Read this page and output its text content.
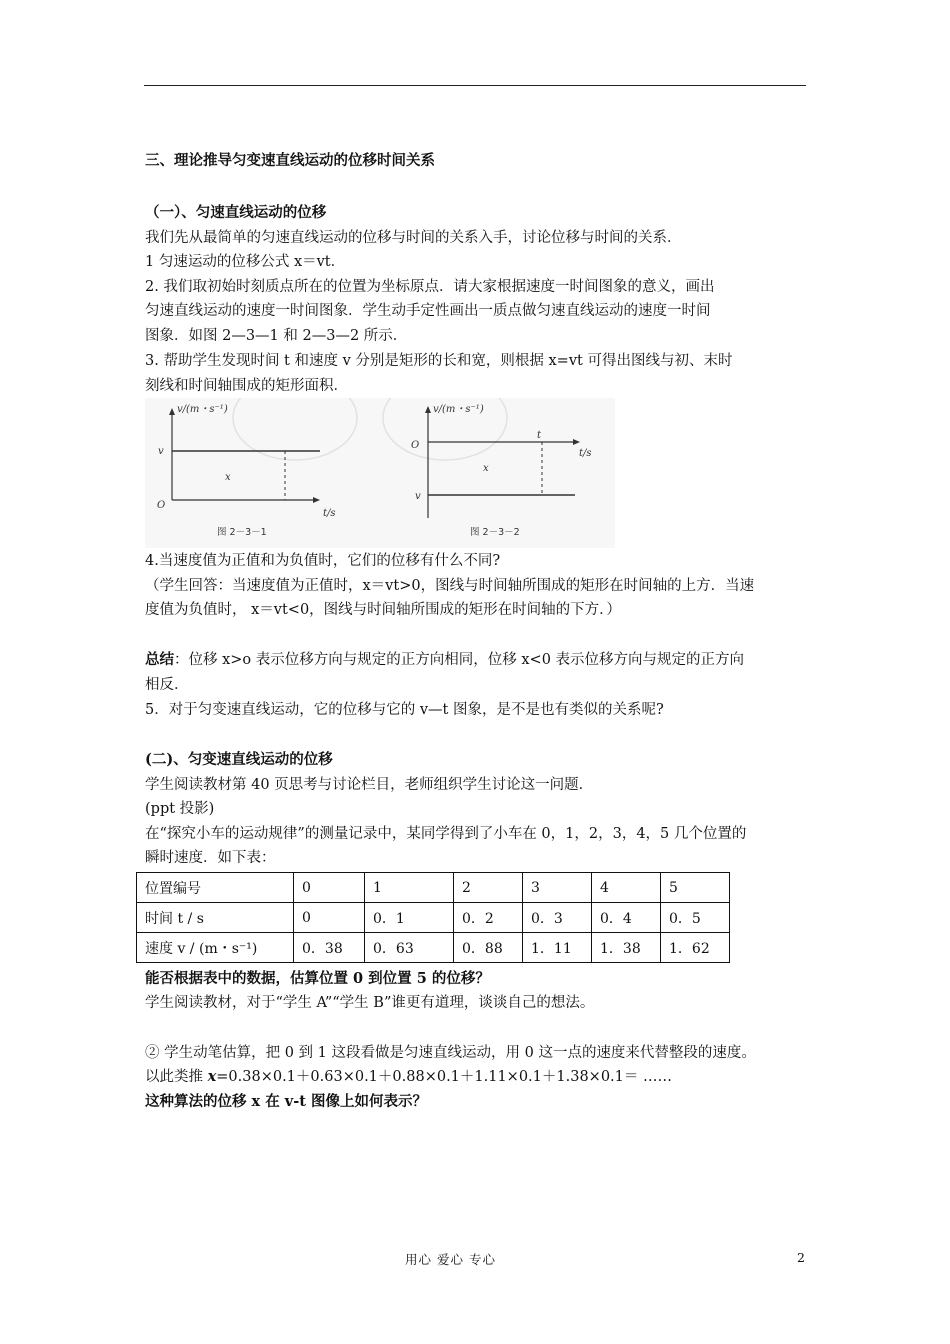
三、理论推导匀变速直线运动的位移时间关系
（一）、匀速直线运动的位移
我们先从最简单的匀速直线运动的位移与时间的关系入手，讨论位移与时间的关系．
1 匀速运动的位移公式 x＝vt．
2. 我们取初始时刻质点所在的位置为坐标原点．请大家根据速度一时间图象的意义，画出
匀速直线运动的速度一时间图象．学生动手定性画出一质点做匀速直线运动的速度一时间
图象．如图 2—3—1 和 2—3—2 所示．
3. 帮助学生发现时间 t 和速度 v 分别是矩形的长和宽，则根据 x=vt 可得出图线与初、末时
刻线和时间轴围成的矩形面积．
v/(m・s⁻¹)
v
x
O
t/s
图 2－3－1
v/(m・s⁻¹)
O
t
t/s
x
v
图 2－3－2
4.当速度值为正值和为负值时，它们的位移有什么不同?
（学生回答：当速度值为正值时，x＝vt>0，图线与时间轴所围成的矩形在时间轴的上方．当速
度值为负值时， x＝vt<0，图线与时间轴所围成的矩形在时间轴的下方．）
总结：位移 x>o 表示位移方向与规定的正方向相同，位移 x<0 表示位移方向与规定的正方向
相反．
5．对于匀变速直线运动，它的位移与它的 v—t 图象，是不是也有类似的关系呢?
(二)、匀变速直线运动的位移
学生阅读教材第 40 页思考与讨论栏目，老师组织学生讨论这一问题．
(ppt 投影)
在“探究小车的运动规律”的测量记录中，某同学得到了小车在 0，1，2，3，4，5 几个位置的
瞬时速度．如下表：
位置编号	0	1	2	3	4	5
时间 t / s	0	0．1	0．2	0．3	0．4	0．5
速度 v / (m・s⁻¹)	0．38	0．63	0．88	1．11	1．38	1．62
能否根据表中的数据，估算位置 0 到位置 5 的位移？
学生阅读教材，对于“学生 A”“学生 B”谁更有道理，谈谈自己的想法。
② 学生动笔估算，把 0 到 1 这段看做是匀速直线运动，用 0 这一点的速度来代替整段的速度。
以此类推 x=0.38×0.1＋0.63×0.1＋0.88×0.1＋1.11×0.1＋1.38×0.1＝ ……
这种算法的位移 x 在 v-t 图像上如何表示？
用心 爱心 专心	2
